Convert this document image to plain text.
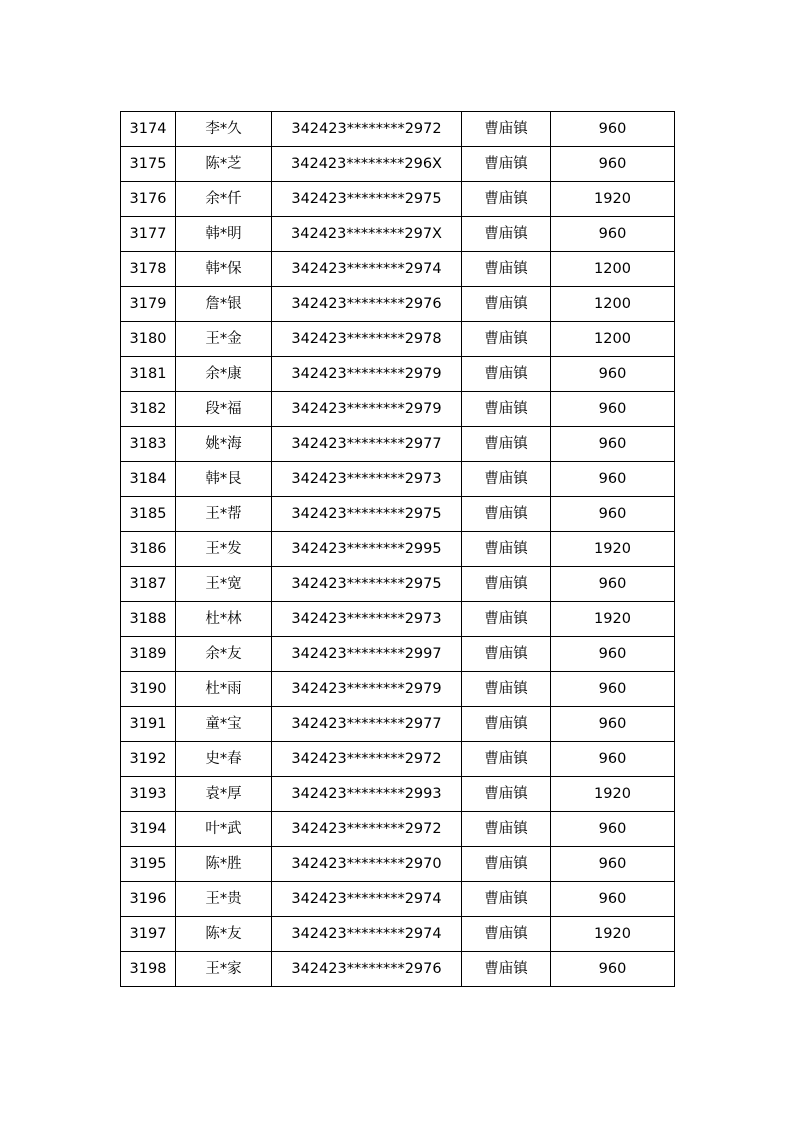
3174	李*久	342423********2972	曹庙镇	960
3175	陈*芝	342423********296X	曹庙镇	960
3176	余*仟	342423********2975	曹庙镇	1920
3177	韩*明	342423********297X	曹庙镇	960
3178	韩*保	342423********2974	曹庙镇	1200
3179	詹*银	342423********2976	曹庙镇	1200
3180	王*金	342423********2978	曹庙镇	1200
3181	余*康	342423********2979	曹庙镇	960
3182	段*福	342423********2979	曹庙镇	960
3183	姚*海	342423********2977	曹庙镇	960
3184	韩*艮	342423********2973	曹庙镇	960
3185	王*帮	342423********2975	曹庙镇	960
3186	王*发	342423********2995	曹庙镇	1920
3187	王*宽	342423********2975	曹庙镇	960
3188	杜*林	342423********2973	曹庙镇	1920
3189	余*友	342423********2997	曹庙镇	960
3190	杜*雨	342423********2979	曹庙镇	960
3191	童*宝	342423********2977	曹庙镇	960
3192	史*春	342423********2972	曹庙镇	960
3193	袁*厚	342423********2993	曹庙镇	1920
3194	叶*武	342423********2972	曹庙镇	960
3195	陈*胜	342423********2970	曹庙镇	960
3196	王*贵	342423********2974	曹庙镇	960
3197	陈*友	342423********2974	曹庙镇	1920
3198	王*家	342423********2976	曹庙镇	960
